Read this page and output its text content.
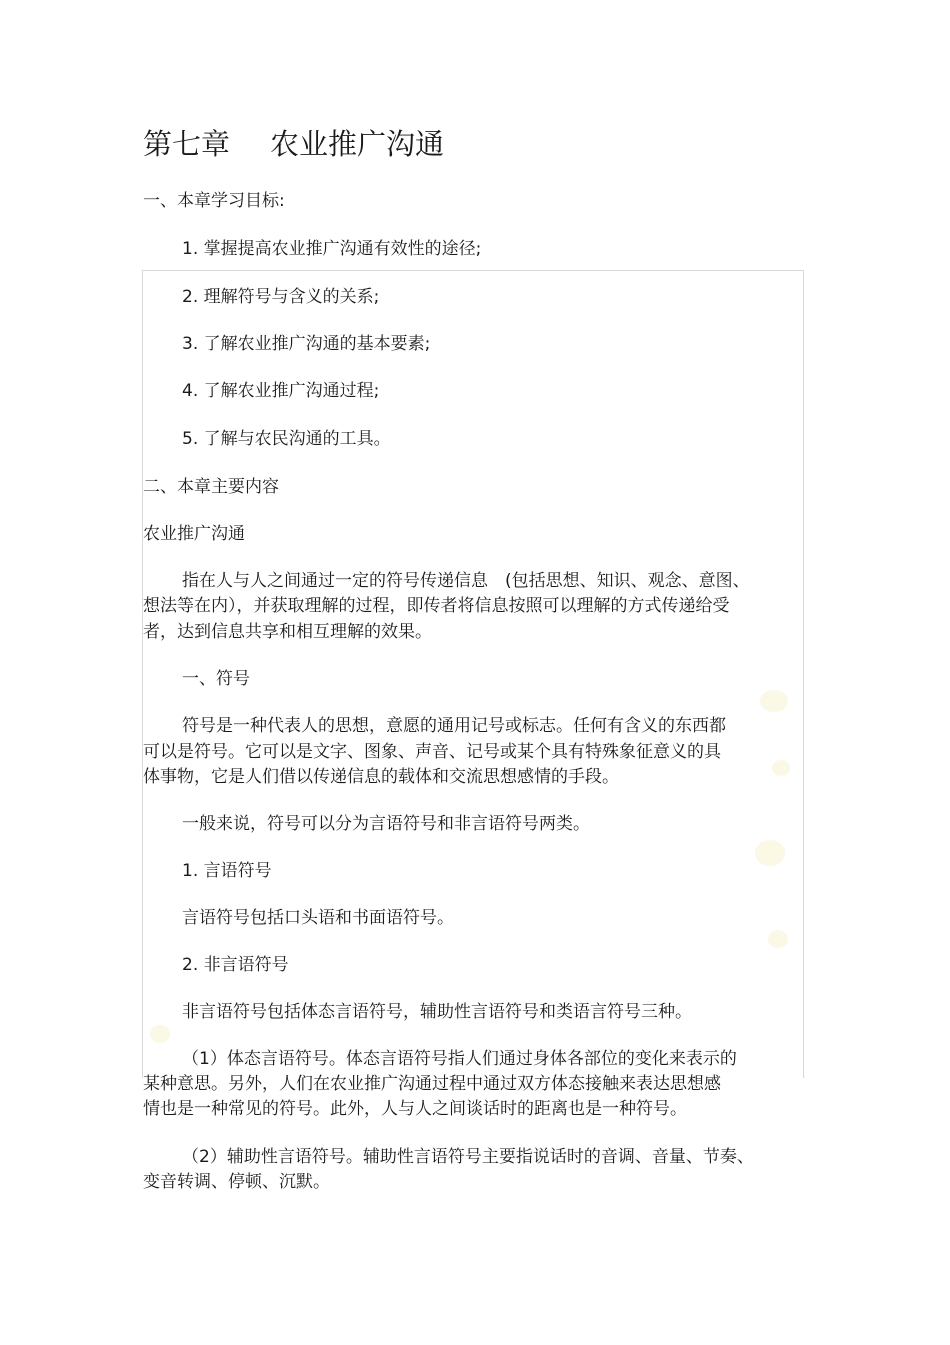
第七章 农业推广沟通

一、本章学习目标:

1. 掌握提高农业推广沟通有效性的途径;

2. 理解符号与含义的关系;

3. 了解农业推广沟通的基本要素;

4. 了解农业推广沟通过程;

5. 了解与农民沟通的工具。

二、本章主要内容

农业推广沟通

指在人与人之间通过一定的符号传递信息　(包括思想、知识、观念、意图、

想法等在内），并获取理解的过程，即传者将信息按照可以理解的方式传递给受

者，达到信息共享和相互理解的效果。

一、符号

符号是一种代表人的思想，意愿的通用记号或标志。任何有含义的东西都

可以是符号。它可以是文字、图象、声音、记号或某个具有特殊象征意义的具

体事物，它是人们借以传递信息的载体和交流思想感情的手段。

一般来说，符号可以分为言语符号和非言语符号两类。

1. 言语符号

言语符号包括口头语和书面语符号。

2. 非言语符号

非言语符号包括体态言语符号，辅助性言语符号和类语言符号三种。

（1）体态言语符号。体态言语符号指人们通过身体各部位的变化来表示的

某种意思。另外，人们在农业推广沟通过程中通过双方体态接触来表达思想感

情也是一种常见的符号。此外，人与人之间谈话时的距离也是一种符号。

（2）辅助性言语符号。辅助性言语符号主要指说话时的音调、音量、节奏、

变音转调、停顿、沉默。
